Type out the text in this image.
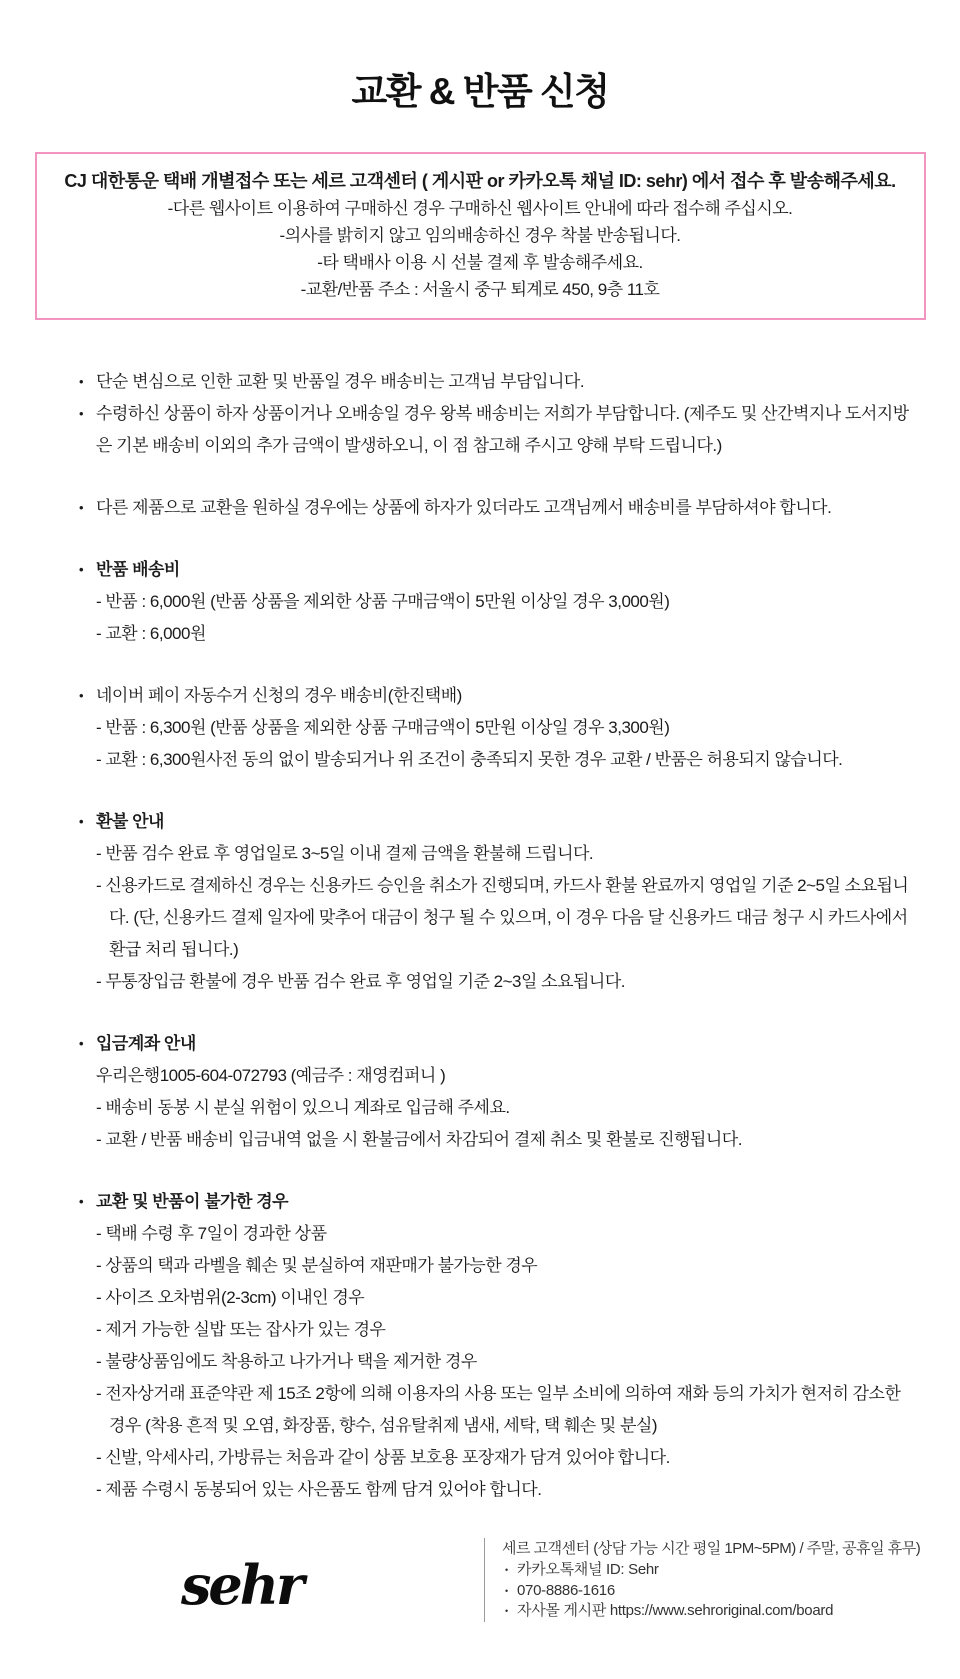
교환 & 반품 신청

CJ 대한통운 택배 개별접수 또는 세르 고객센터 ( 게시판 or 카카오톡 채널 ID: sehr) 에서 접수 후 발송해주세요.

-다른 웹사이트 이용하여 구매하신 경우 구매하신 웹사이트 안내에 따라 접수해 주십시오.

-의사를 밝히지 않고 임의배송하신 경우 착불 반송됩니다.

-타 택배사 이용 시 선불 결제 후 발송해주세요.

-교환/반품 주소 : 서울시 중구 퇴계로 450, 9층 11호

• 단순 변심으로 인한 교환 및 반품일 경우 배송비는 고객님 부담입니다.

• 수령하신 상품이 하자 상품이거나 오배송일 경우 왕복 배송비는 저희가 부담합니다. (제주도 및 산간벽지나 도서지방은 기본 배송비 이외의 추가 금액이 발생하오니, 이 점 참고해 주시고 양해 부탁 드립니다.)

• 다른 제품으로 교환을 원하실 경우에는 상품에 하자가 있더라도 고객님께서 배송비를 부담하셔야 합니다.

• 반품 배송비

- 반품 : 6,000원 (반품 상품을 제외한 상품 구매금액이 5만원 이상일 경우 3,000원)

- 교환 : 6,000원

• 네이버 페이 자동수거 신청의 경우 배송비(한진택배)

- 반품 : 6,300원 (반품 상품을 제외한 상품 구매금액이 5만원 이상일 경우 3,300원)

- 교환 : 6,300원사전 동의 없이 발송되거나 위 조건이 충족되지 못한 경우 교환 / 반품은 허용되지 않습니다.

• 환불 안내

- 반품 검수 완료 후 영업일로 3~5일 이내 결제 금액을 환불해 드립니다.

- 신용카드로 결제하신 경우는 신용카드 승인을 취소가 진행되며, 카드사 환불 완료까지 영업일 기준 2~5일 소요됩니다. (단, 신용카드 결제 일자에 맞추어 대금이 청구 될 수 있으며, 이 경우 다음 달 신용카드 대금 청구 시 카드사에서 환급 처리 됩니다.)

- 무통장입금 환불에 경우 반품 검수 완료 후 영업일 기준 2~3일 소요됩니다.

• 입금계좌 안내

우리은행1005-604-072793 (예금주 : 재영컴퍼니 )

- 배송비 동봉 시 분실 위험이 있으니 계좌로 입금해 주세요.

- 교환 / 반품 배송비 입금내역 없을 시 환불금에서 차감되어 결제 취소 및 환불로 진행됩니다.

• 교환 및 반품이 불가한 경우

- 택배 수령 후 7일이 경과한 상품

- 상품의 택과 라벨을 훼손 및 분실하여 재판매가 불가능한 경우

- 사이즈 오차범위(2-3cm) 이내인 경우

- 제거 가능한 실밥 또는 잡사가 있는 경우

- 불량상품임에도 착용하고 나가거나 택을 제거한 경우

- 전자상거래 표준약관 제 15조 2항에 의해 이용자의 사용 또는 일부 소비에 의하여 재화 등의 가치가 현저히 감소한 경우 (착용 흔적 및 오염, 화장품, 향수, 섬유탈취제 냄새, 세탁, 택 훼손 및 분실)

- 신발, 악세사리, 가방류는 처음과 같이 상품 보호용 포장재가 담겨 있어야 합니다.

- 제품 수령시 동봉되어 있는 사은품도 함께 담겨 있어야 합니다.

sehr

세르 고객센터 (상담 가능 시간 평일 1PM~5PM) / 주말, 공휴일 휴무)

• 카카오톡채널 ID: Sehr

• 070-8886-1616

• 자사몰 게시판 https://www.sehroriginal.com/board
